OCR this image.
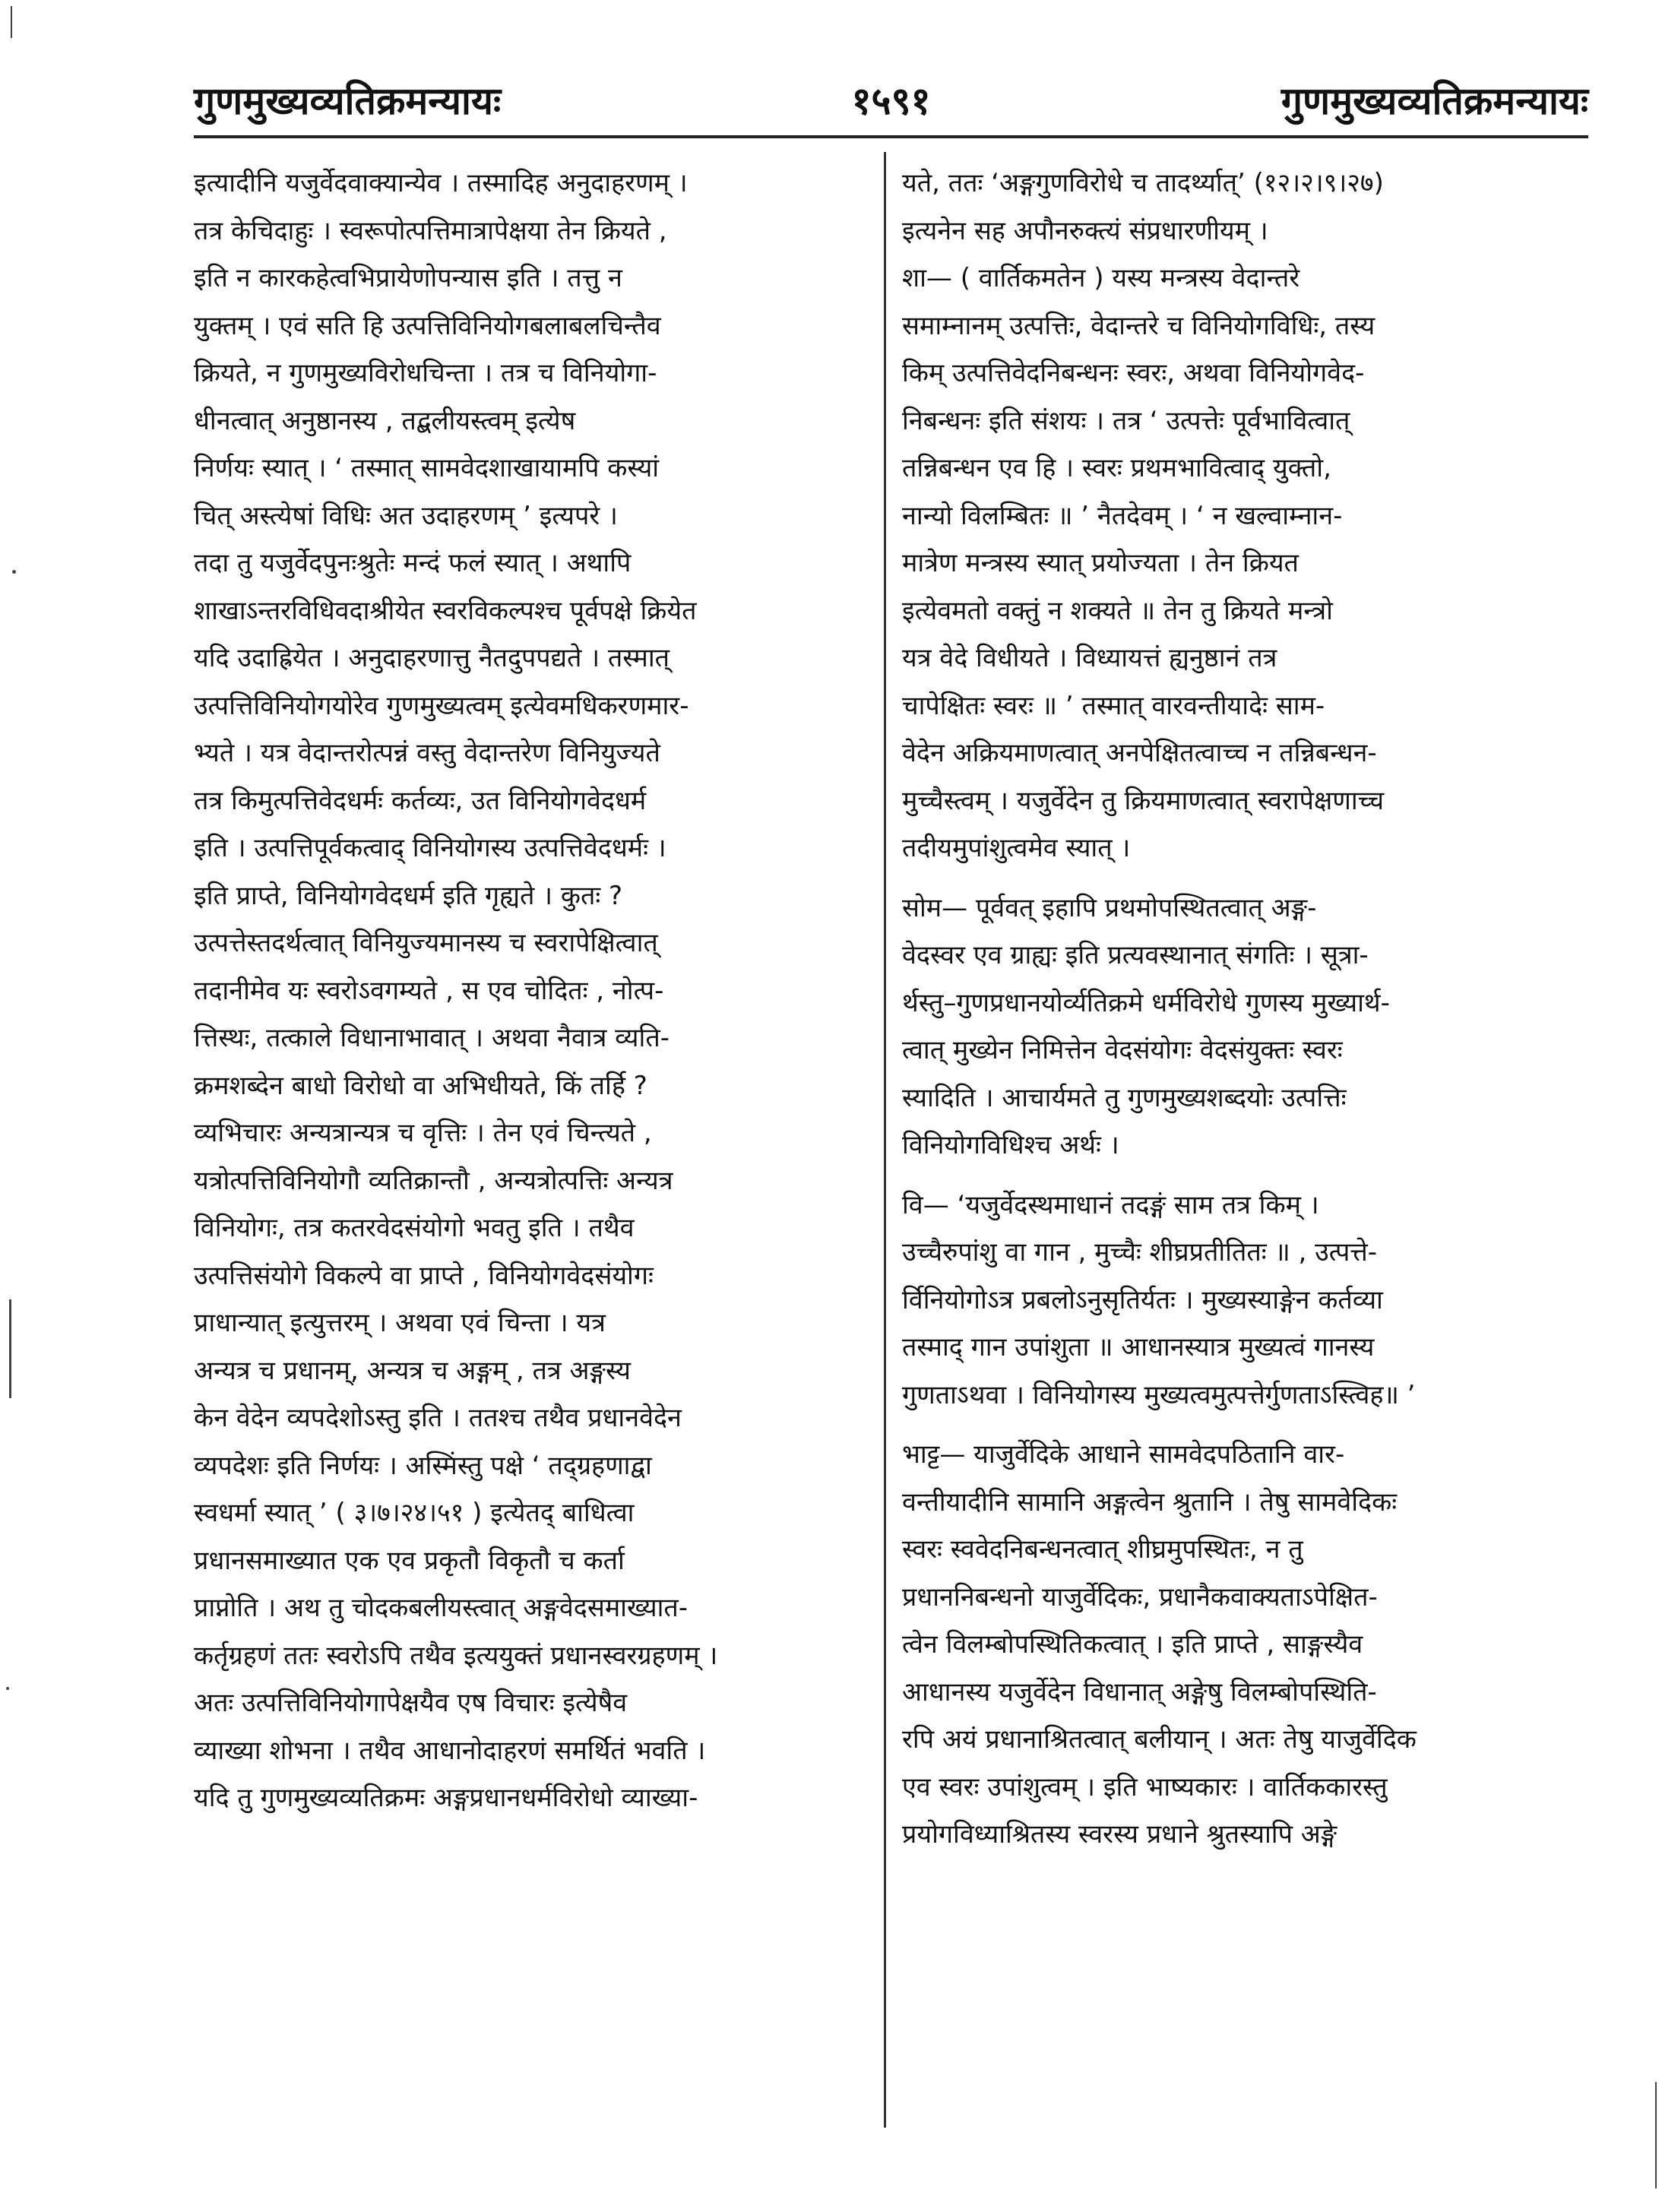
गुणमुख्यव्यतिक्रमन्यायः	१५९१	गुणमुख्यव्यतिक्रमन्यायः
इत्यादीनि यजुर्वेदवाक्यान्येव । तस्मादिह अनुदाहरणम् ।
तत्र केचिदाहुः । स्वरूपोत्पत्तिमात्रापेक्षया तेन क्रियते ,
इति न कारकहेत्वभिप्रायेणोपन्यास इति । तत्तु न
युक्तम् । एवं सति हि उत्पत्तिविनियोगबलाबलचिन्तैव
क्रियते, न गुणमुख्यविरोधचिन्ता । तत्र च विनियोगा-
धीनत्वात् अनुष्ठानस्य , तद्बलीयस्त्वम् इत्येष
निर्णयः स्यात् । ‘ तस्मात् सामवेदशाखायामपि कस्यां
चित् अस्त्येषां विधिः अत उदाहरणम् ’ इत्यपरे ।
तदा तु यजुर्वेदपुनःश्रुतेः मन्दं फलं स्यात् । अथापि
शाखाऽन्तरविधिवदाश्रीयेत स्वरविकल्पश्च पूर्वपक्षे क्रियेत
यदि उदाह्रियेत । अनुदाहरणात्तु नैतदुपपद्यते । तस्मात्
उत्पत्तिविनियोगयोरेव गुणमुख्यत्वम् इत्येवमधिकरणमार-
भ्यते । यत्र वेदान्तरोत्पन्नं वस्तु वेदान्तरेण विनियुज्यते
तत्र किमुत्पत्तिवेदधर्मः कर्तव्यः, उत विनियोगवेदधर्म
इति । उत्पत्तिपूर्वकत्वाद् विनियोगस्य उत्पत्तिवेदधर्मः ।
इति प्राप्ते, विनियोगवेदधर्म इति गृह्यते । कुतः ?
उत्पत्तेस्तदर्थत्वात् विनियुज्यमानस्य च स्वरापेक्षित्वात्
तदानीमेव यः स्वरोऽवगम्यते , स एव चोदितः , नोत्प-
त्तिस्थः, तत्काले विधानाभावात् । अथवा नैवात्र व्यति-
क्रमशब्देन बाधो विरोधो वा अभिधीयते, किं तर्हि ?
व्यभिचारः अन्यत्रान्यत्र च वृत्तिः । तेन एवं चिन्त्यते ,
यत्रोत्पत्तिविनियोगौ व्यतिक्रान्तौ , अन्यत्रोत्पत्तिः अन्यत्र
विनियोगः, तत्र कतरवेदसंयोगो भवतु इति । तथैव
उत्पत्तिसंयोगे विकल्पे वा प्राप्ते , विनियोगवेदसंयोगः
प्राधान्यात् इत्युत्तरम् । अथवा एवं चिन्ता । यत्र
अन्यत्र च प्रधानम्, अन्यत्र च अङ्गम् , तत्र अङ्गस्य
केन वेदेन व्यपदेशोऽस्तु इति । ततश्च तथैव प्रधानवेदेन
व्यपदेशः इति निर्णयः । अस्मिंस्तु पक्षे ‘ तद्ग्रहणाद्वा
स्वधर्मा स्यात् ’ ( ३।७।२४।५१ ) इत्येतद् बाधित्वा
प्रधानसमाख्यात एक एव प्रकृतौ विकृतौ च कर्ता
प्राप्नोति । अथ तु चोदकबलीयस्त्वात् अङ्गवेदसमाख्यात-
कर्तृग्रहणं ततः स्वरोऽपि तथैव इत्ययुक्तं प्रधानस्वरग्रहणम् ।
अतः उत्पत्तिविनियोगापेक्षयैव एष विचारः इत्येषैव
व्याख्या शोभना । तथैव आधानोदाहरणं समर्थितं भवति ।
यदि तु गुणमुख्यव्यतिक्रमः अङ्गप्रधानधर्मविरोधो व्याख्या-
यते, ततः ‘अङ्गगुणविरोधे च तादर्थ्यात्’ (१२।२।९।२७)
इत्यनेन सह अपौनरुक्त्यं संप्रधारणीयम् ।
शा— ( वार्तिकमतेन ) यस्य मन्त्रस्य वेदान्तरे
समाम्नानम् उत्पत्तिः, वेदान्तरे च विनियोगविधिः, तस्य
किम् उत्पत्तिवेदनिबन्धनः स्वरः, अथवा विनियोगवेद-
निबन्धनः इति संशयः । तत्र ‘ उत्पत्तेः पूर्वभावित्वात्
तन्निबन्धन एव हि । स्वरः प्रथमभावित्वाद् युक्तो,
नान्यो विलम्बितः ॥ ’ नैतदेवम् । ‘ न खल्वाम्नान-
मात्रेण मन्त्रस्य स्यात् प्रयोज्यता । तेन क्रियत
इत्येवमतो वक्तुं न शक्यते ॥ तेन तु क्रियते मन्त्रो
यत्र वेदे विधीयते । विध्यायत्तं ह्यनुष्ठानं तत्र
चापेक्षितः स्वरः ॥ ’ तस्मात् वारवन्तीयादेः साम-
वेदेन अक्रियमाणत्वात् अनपेक्षितत्वाच्च न तन्निबन्धन-
मुच्चैस्त्वम् । यजुर्वेदेन तु क्रियमाणत्वात् स्वरापेक्षणाच्च
तदीयमुपांशुत्वमेव स्यात् ।
सोम— पूर्ववत् इहापि प्रथमोपस्थितत्वात् अङ्ग-
वेदस्वर एव ग्राह्यः इति प्रत्यवस्थानात् संगतिः । सूत्रा-
र्थस्तु–गुणप्रधानयोर्व्यतिक्रमे धर्मविरोधे गुणस्य मुख्यार्थ-
त्वात् मुख्येन निमित्तेन वेदसंयोगः वेदसंयुक्तः स्वरः
स्यादिति । आचार्यमते तु गुणमुख्यशब्दयोः उत्पत्तिः
विनियोगविधिश्च अर्थः ।
वि— ‘यजुर्वेदस्थमाधानं तदङ्गं साम तत्र किम् ।
उच्चैरुपांशु वा गान , मुच्चैः शीघ्रप्रतीतितः ॥ , उत्पत्ते-
र्विनियोगोऽत्र प्रबलोऽनुसृतिर्यतः । मुख्यस्याङ्गेन कर्तव्या
तस्माद् गान उपांशुता ॥ आधानस्यात्र मुख्यत्वं गानस्य
गुणताऽथवा । विनियोगस्य मुख्यत्वमुत्पत्तेर्गुणताऽस्त्विह॥ ’
भाट्ट— याजुर्वेदिके आधाने सामवेदपठितानि वार-
वन्तीयादीनि सामानि अङ्गत्वेन श्रुतानि । तेषु सामवेदिकः
स्वरः स्ववेदनिबन्धनत्वात् शीघ्रमुपस्थितः, न तु
प्रधाननिबन्धनो याजुर्वेदिकः, प्रधानैकवाक्यताऽपेक्षित-
त्वेन विलम्बोपस्थितिकत्वात् । इति प्राप्ते , साङ्गस्यैव
आधानस्य यजुर्वेदेन विधानात् अङ्गेषु विलम्बोपस्थिति-
रपि अयं प्रधानाश्रितत्वात् बलीयान् । अतः तेषु याजुर्वेदिक
एव स्वरः उपांशुत्वम् । इति भाष्यकारः । वार्तिककारस्तु
प्रयोगविध्याश्रितस्य स्वरस्य प्रधाने श्रुतस्यापि अङ्गे
